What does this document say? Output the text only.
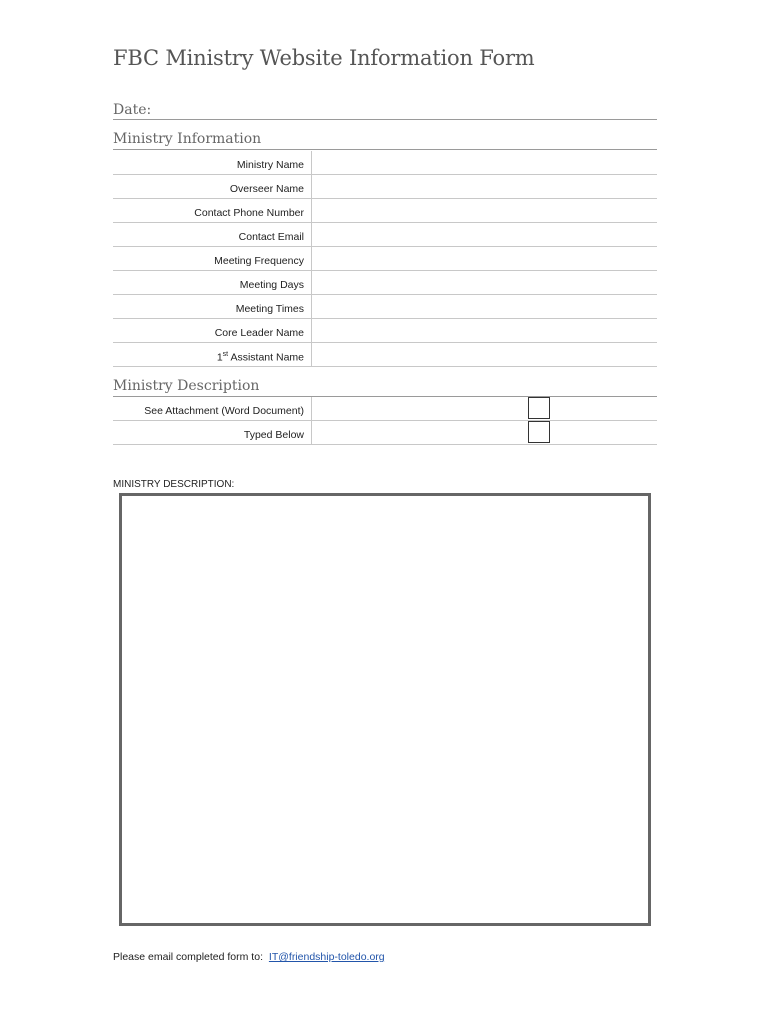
FBC Ministry Website Information Form
Date:
Ministry Information
Ministry Name
Overseer Name
Contact Phone Number
Contact Email
Meeting Frequency
Meeting Days
Meeting Times
Core Leader Name
1st Assistant Name
Ministry Description
See Attachment (Word Document)
Typed Below
MINISTRY DESCRIPTION:
Please email completed form to: IT@friendship-toledo.org
